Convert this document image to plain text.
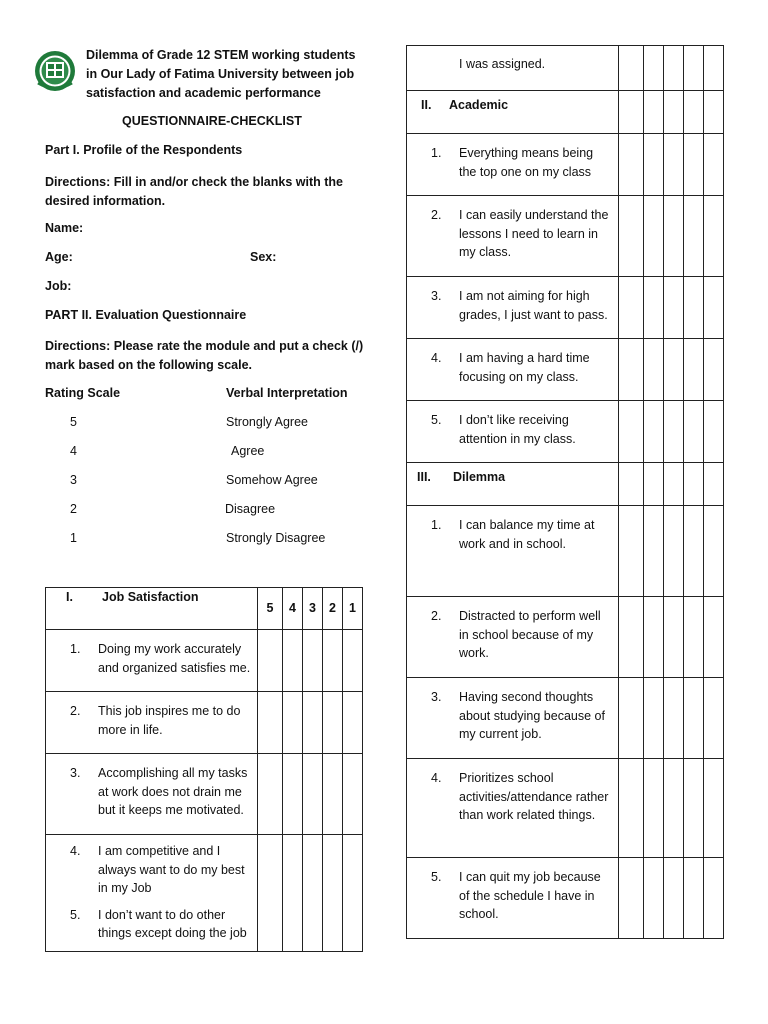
Dilemma of Grade 12 STEM working students in Our Lady of Fatima University between job satisfaction and academic performance
QUESTIONNAIRE-CHECKLIST
Part I. Profile of the Respondents
Directions: Fill in and/or check the blanks with the desired information.
Name:
Age:	Sex:
Job:
PART II. Evaluation Questionnaire
Directions: Please rate the module and put a check (/) mark based on the following scale.
Rating Scale	Verbal Interpretation
5	Strongly Agree
4	Agree
3	Somehow Agree
2	Disagree
1	Strongly Disagree
I. Job Satisfaction	5	4	3	2	1

1. Doing my work accurately and organized satisfies me.					

2. This job inspires me to do more in life.					

3. Accomplishing all my tasks at work does not drain me but it keeps me motivated.					

4. I am competitive and I always want to do my best in my Job
5. I don’t want to do other things except doing the job					

I was assigned.					

II. Academic					

1. Everything means being the top one on my class					

2. I can easily understand the lessons I need to learn in my class.					

3. I am not aiming for high grades, I just want to pass.					

4. I am having a hard time focusing on my class.					

5. I don’t like receiving attention in my class.					

III. Dilemma					

1. I can balance my time at work and in school.					

2. Distracted to perform well in school because of my work.					

3. Having second thoughts about studying because of my current job.					

4. Prioritizes school activities/attendance rather than work related things.					

5. I can quit my job because of the schedule I have in school.					
